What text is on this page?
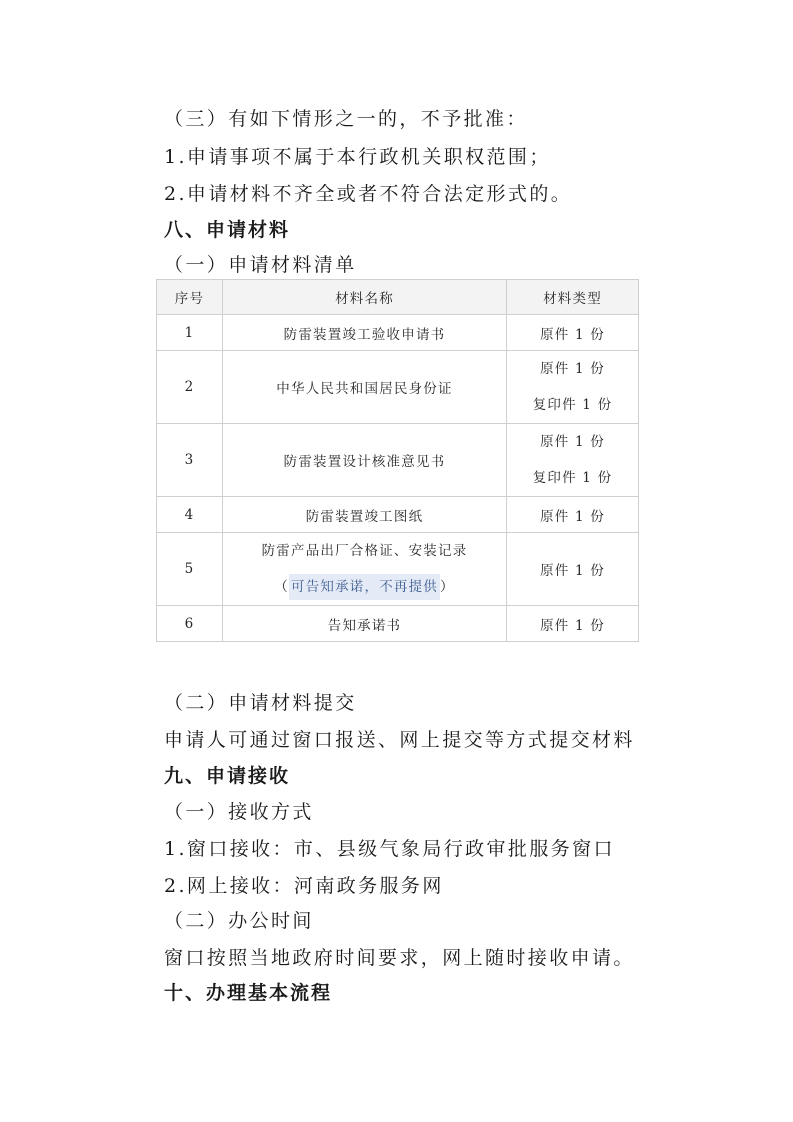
（三）有如下情形之一的，不予批准：

1.申请事项不属于本行政机关职权范围；

2.申请材料不齐全或者不符合法定形式的。

八、申请材料

（一）申请材料清单

序号	材料名称	材料类型
1	防雷装置竣工验收申请书	原件 1 份
2	中华人民共和国居民身份证	原件 1 份
复印件 1 份

3	防雷装置设计核准意见书	原件 1 份
复印件 1 份

4	防雷装置竣工图纸	原件 1 份
5	防雷产品出厂合格证、安装记录
（ 可告知承诺，不再提供 ）	原件 1 份
6	告知承诺书	原件 1 份

（二）申请材料提交

申请人可通过窗口报送、网上提交等方式提交材料

九、申请接收

（一）接收方式

1.窗口接收：市、县级气象局行政审批服务窗口

2.网上接收：河南政务服务网

（二）办公时间

窗口按照当地政府时间要求，网上随时接收申请。

十、办理基本流程
